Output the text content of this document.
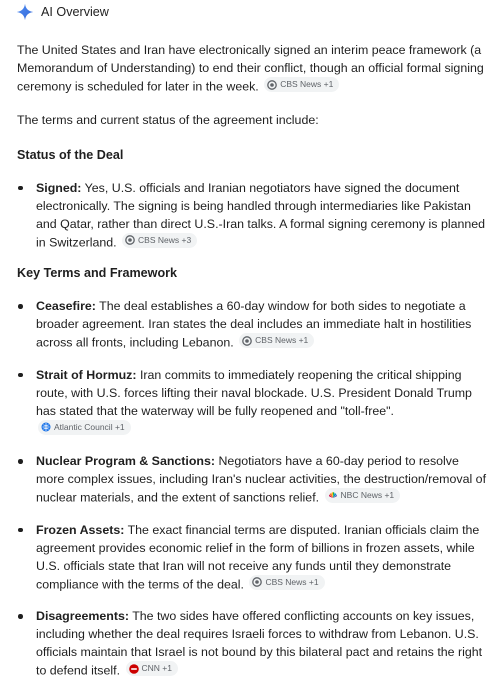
AI Overview

The United States and Iran have electronically signed an interim peace framework (a Memorandum of Understanding) to end their conflict, though an official formal signing ceremony is scheduled for later in the week.	CBS News +1

The terms and current status of the agreement include:

Status of the Deal
Signed: Yes, U.S. officials and Iranian negotiators have signed the document electronically. The signing is being handled through intermediaries like Pakistan and Qatar, rather than direct U.S.-Iran talks. A formal signing ceremony is planned in Switzerland.	CBS News +3
Key Terms and Framework
Ceasefire: The deal establishes a 60-day window for both sides to negotiate a broader agreement. Iran states the deal includes an immediate halt in hostilities across all fronts, including Lebanon.	CBS News +1
Strait of Hormuz: Iran commits to immediately reopening the critical shipping route, with U.S. forces lifting their naval blockade. U.S. President Donald Trump has stated that the waterway will be fully reopened and "toll-free".
Atlantic Council +1
Nuclear Program & Sanctions: Negotiators have a 60-day period to resolve more complex issues, including Iran's nuclear activities, the destruction/removal of nuclear materials, and the extent of sanctions relief.	NBC News +1
Frozen Assets: The exact financial terms are disputed. Iranian officials claim the agreement provides economic relief in the form of billions in frozen assets, while U.S. officials state that Iran will not receive any funds until they demonstrate compliance with the terms of the deal.	CBS News +1
Disagreements: The two sides have offered conflicting accounts on key issues, including whether the deal requires Israeli forces to withdraw from Lebanon. U.S. officials maintain that Israel is not bound by this bilateral pact and retains the right to defend itself.	CNN +1
